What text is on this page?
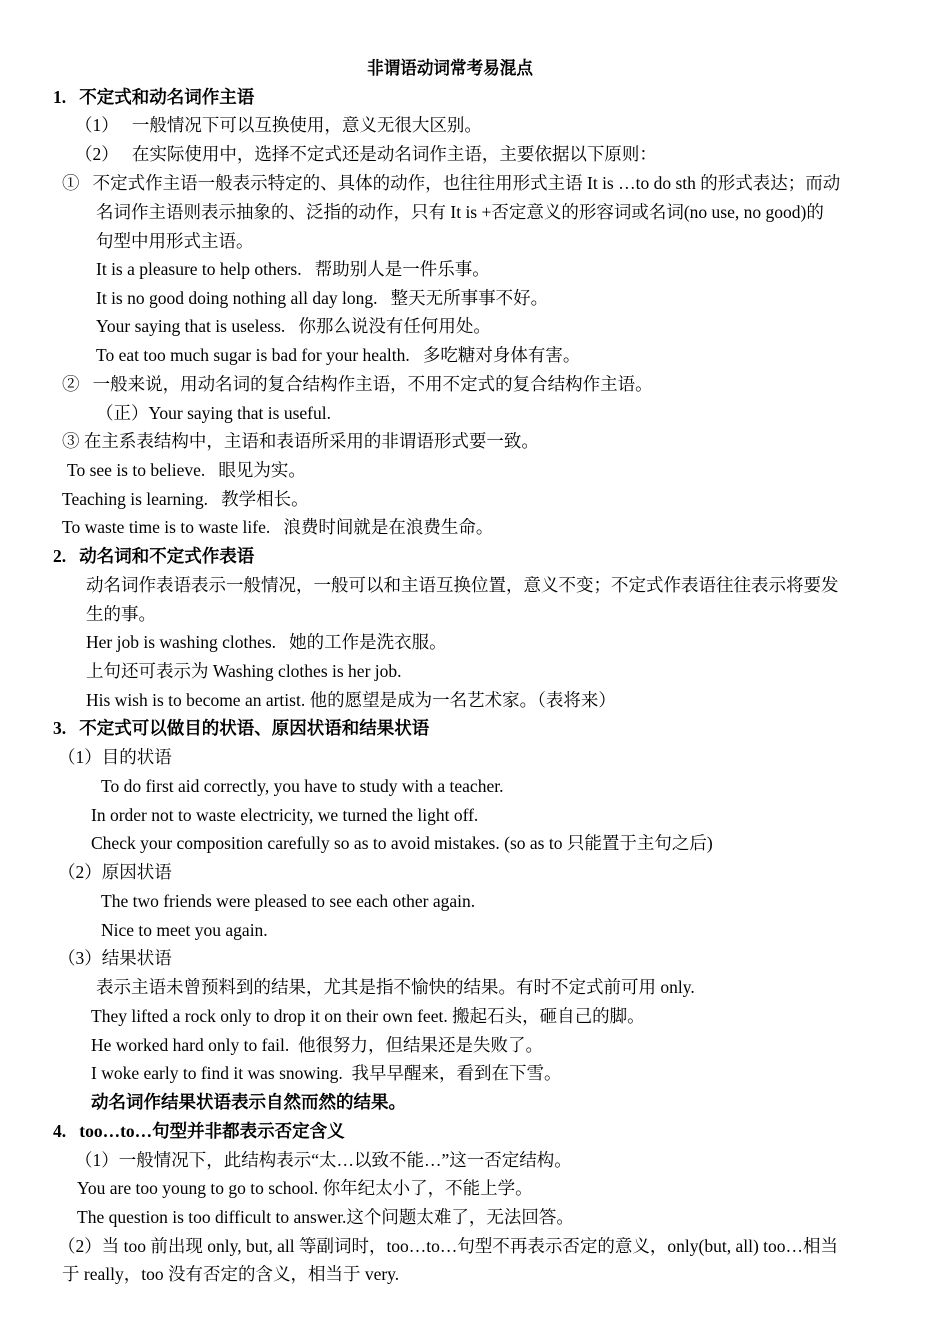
非谓语动词常考易混点
1.   不定式和动名词作主语
（1）   一般情况下可以互换使用，意义无很大区别。
（2）   在实际使用中，选择不定式还是动名词作主语，主要依据以下原则：
①   不定式作主语一般表示特定的、具体的动作，也往往用形式主语 It is …to do sth 的形式表达；而动
名词作主语则表示抽象的、泛指的动作，只有 It is +否定意义的形容词或名词(no use, no good)的
句型中用形式主语。
It is a pleasure to help others.   帮助别人是一件乐事。
It is no good doing nothing all day long.   整天无所事事不好。
Your saying that is useless.   你那么说没有任何用处。
To eat too much sugar is bad for your health.   多吃糖对身体有害。
②   一般来说，用动名词的复合结构作主语，不用不定式的复合结构作主语。
（正）Your saying that is useful.
③ 在主系表结构中，主语和表语所采用的非谓语形式要一致。
To see is to believe.   眼见为实。
Teaching is learning.   教学相长。
To waste time is to waste life.   浪费时间就是在浪费生命。
2.   动名词和不定式作表语
动名词作表语表示一般情况，一般可以和主语互换位置，意义不变；不定式作表语往往表示将要发
生的事。
Her job is washing clothes.   她的工作是洗衣服。
上句还可表示为 Washing clothes is her job.
His wish is to become an artist. 他的愿望是成为一名艺术家。（表将来）
3.   不定式可以做目的状语、原因状语和结果状语
（1）目的状语
To do first aid correctly, you have to study with a teacher.
In order not to waste electricity, we turned the light off.
Check your composition carefully so as to avoid mistakes. (so as to 只能置于主句之后)
（2）原因状语
The two friends were pleased to see each other again.
Nice to meet you again.
（3）结果状语
表示主语未曾预料到的结果，尤其是指不愉快的结果。有时不定式前可用 only.
They lifted a rock only to drop it on their own feet. 搬起石头，砸自己的脚。
He worked hard only to fail.  他很努力，但结果还是失败了。
I woke early to find it was snowing.  我早早醒来，看到在下雪。
动名词作结果状语表示自然而然的结果。
4.   too…to…句型并非都表示否定含义
（1）一般情况下，此结构表示“太…以致不能…”这一否定结构。
You are too young to go to school. 你年纪太小了，不能上学。
The question is too difficult to answer.这个问题太难了，无法回答。
（2）当 too 前出现 only, but, all 等副词时，too…to…句型不再表示否定的意义，only(but, all) too…相当
于 really，too 没有否定的含义，相当于 very.
